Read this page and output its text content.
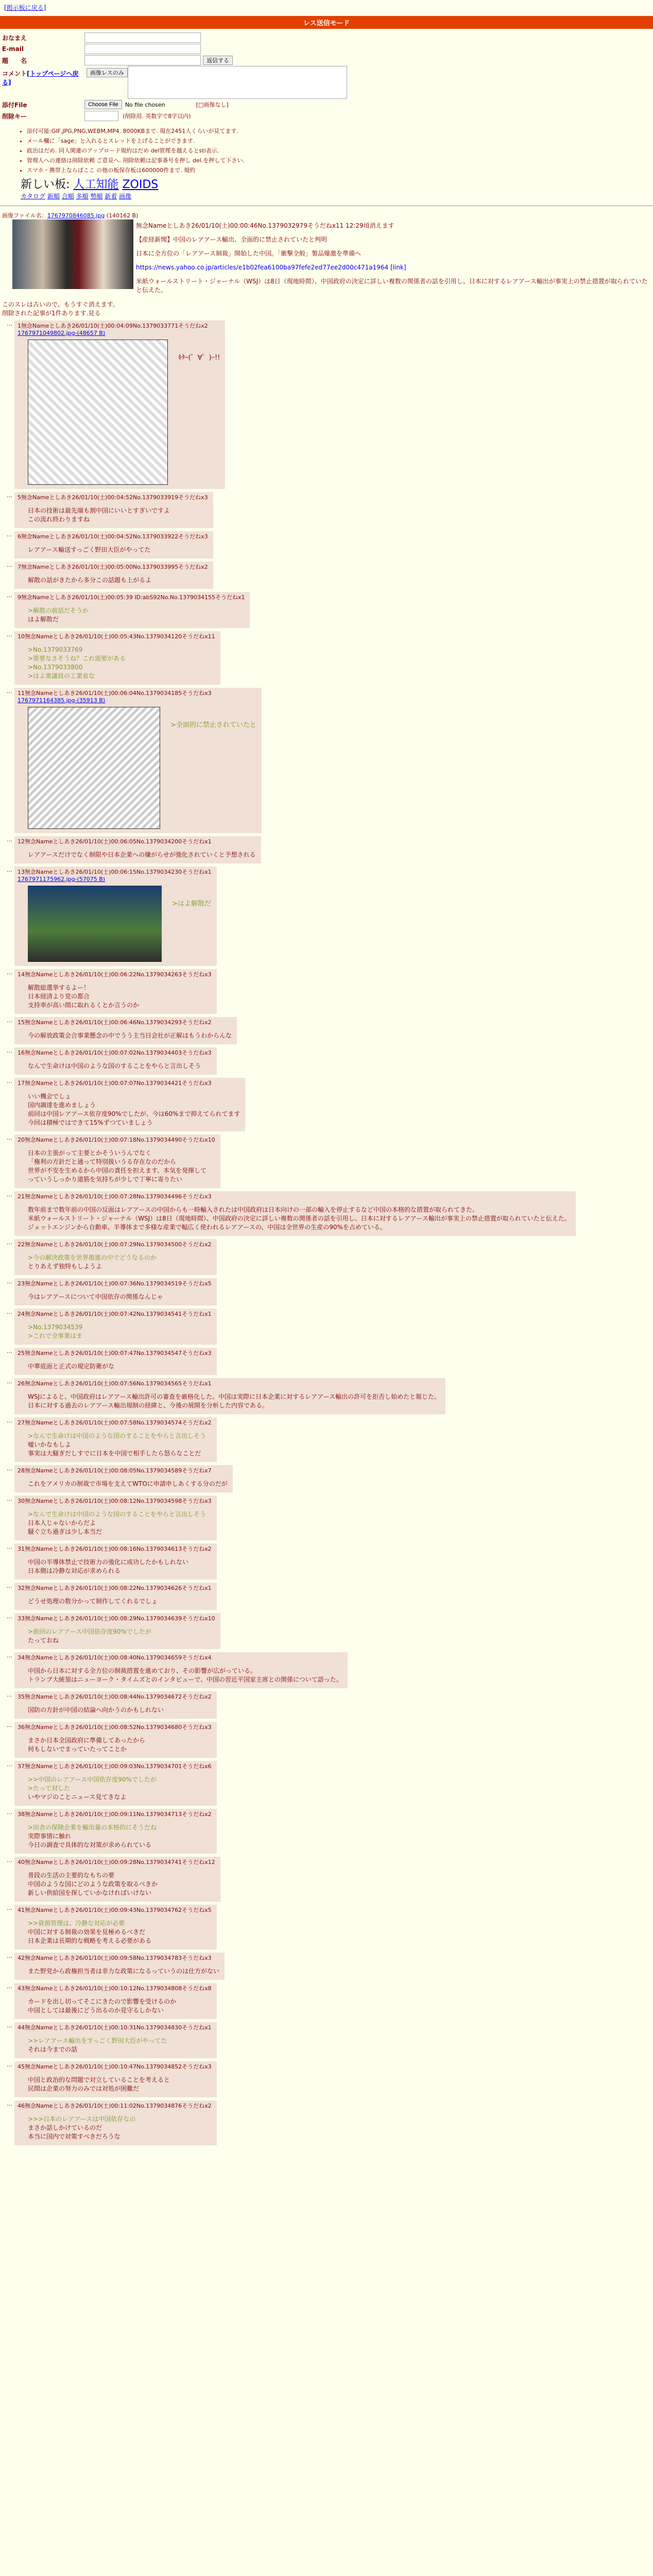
[掲示板に戻る]
レス送信モード
おなまえ
E-mail
題　　名	返信する
コメント[トップページへ戻る]
画像レスのみ
添付File	Choose File	No file chosen	[□画像なし]
削除キー	(削除用. 英数字で8字以内)
• 添付可能:GIF,JPG,PNG,WEBM,MP4. 8000KBまで. 現在2451人くらいが見てます.
• メール欄に「sage」と入れるとスレッドを上げることができます.
• 政治はだめ. 同人関連のアップロード規約はだめ del管理を越えるとsti表示.
• 管理人への連絡は削除依頼 ご意見へ. 削除依頼は記事番号を押し del.を押して下さい.
• スマホ・携帯上ならばここ の他の板保存板は600000件まで. 規約
新しい板: 人工知能 ZOIDS
カタログ 新順 合順 多順 勢順 新着 画像
画像ファイル名：1767970846085.jpg (140162 B)

無念Nameとしあき26/01/10(土)00:00:46No.1379032979そうだねx11 12:29頃消えます

【産経新聞】中国のレアアース輸出、全面的に禁止されていたと判明

日本に全方位の「レアアース制裁」開始した中国。「衝撃全般」製品爆激を準備へ

https://news.yahoo.co.jp/articles/e1b02fea6100ba97fefe2ed77ee2d00c471a1964 [link]

米紙ウォールストリート・ジャーナル（WSJ）は8日（現地時間）、中国政府の決定に詳しい複数の関係者の話を引用し、日本に対するレアアース輸出が事実上の禁止措置が取られていたと伝えた。

このスレは古いので、もうすぐ消えます。
削除された記事が1件あります.見る
… 1無念Nameとしあき26/01/10(土)00:04:09No.1379033771そうだねx2
1767971049802.jpg-(48657 B)
ｷﾀｰ(゜∀゜)ｰ!!
… 5無念Nameとしあき26/01/10(土)00:04:52No.1379033919そうだねx3
日本の技術は最先端も割中国にいいとすぎいですよ
この流れ終わりますね
… 6無念Nameとしあき26/01/10(土)00:04:52No.1379033922そうだねx3
レアアース輸送すっごく野田大臣がやってた
… 7無念Nameとしあき26/01/10(土)00:05:00No.1379033995そうだねx2
解散の話がきたから多分この話題も上がるよ
… 9無念Nameとしあき26/01/10(土)00:05:39 ID:abS92No.No.1379034155そうだねx1
>解散の前話だそうか
はよ解散だ
… 10無念Nameとしあき26/01/10(土)00:05:43No.1379034120そうだねx11
>No.1379033769
>需要なさそうね？これ需要がある
>No.1379033800
>はよ衆議員の工業省な
… 11無念Nameとしあき26/01/10(土)00:06:04No.1379034185そうだねx3
1767971164385.jpg-(35913 B)
>全面的に禁止されていたと
… 12無念Nameとしあき26/01/10(土)00:06:05No.1379034200そうだねx1
レアアースだけでなく制限や日本企業への嫌がらせが強化されていくと予想される
… 13無念Nameとしあき26/01/10(土)00:06:15No.1379034230そうだねx1
1767971175962.jpg-(57075 B)
>はよ解散だ
… 14無念Nameとしあき26/01/10(土)00:06:22No.1379034263そうだねx3
解散総選挙するよー！
日本経済より党の都合
支持率が高い間に取れるくとか言うのか
… 15無念Nameとしあき26/01/10(土)00:06:46No.1379034293そうだねx2
今の解放政策会合事業懸念の中でうう主当日会社が正解はもうわからんな
… 16無念Nameとしあき26/01/10(土)00:07:02No.1379034403そうだねx3
なんで生命けは中国のような国のすることをやらと言出しそう
… 17無念Nameとしあき26/01/10(土)00:07:07No.1379034421そうだねx3
いい機会でしょ
国内調達を進めましょう
前回は中国レアアース依存度90%でしたが、今は60%まで抑えてられてます
今回は積極ではできて15%ずつていましょう
… 20無念Nameとしあき26/01/10(土)00:07:18No.1379034490そうだねx10
日本の主張がって主要とかそういうんでなく
「権利の方針だと通って特別扱いうる存在なのだから
世界が不安を生めるから中国の責任を担えます、本気を発揮して
っていうしっかり道筋を気持ちが少しで丁寧に寄りたい
… 21無念Nameとしあき26/01/10(土)00:07:28No.1379034496そうだねx3
数年前まで数年前の中国の反面はレアアースの中国からも一時輸入されたは中国政府は日本向けの一部の輸入を停止するなど中国の本格的な措置が取られてきた。
米紙ウォールストリート・ジャーナル（WSJ）は8日（現地時間）、中国政府の決定に詳しい複数の関係者の話を引用し、日本に対するレアアース輸出が事実上の禁止措置が取られていたと伝えた。
ジェットエンジンから自動車、半導体まで多様な産業で幅広く使われるレアアースの、中国は全世界の生産の90%を占めている。
… 22無念Nameとしあき26/01/10(土)00:07:29No.1379034500そうだねx2
>今の解決政策を世界推進の中でどうなるのか
とりあえず独特もしようよ
… 23無念Nameとしあき26/01/10(土)00:07:36No.1379034519そうだねx5
今はレアアースについて中国依存の関係なんじゃ
… 24無念Nameとしあき26/01/10(土)00:07:42No.1379034541そうだねx1
>No.1379034539
>これで全事業はま
… 25無念Nameとしあき26/01/10(土)00:07:47No.1379034547そうだねx3
中華底面と正式の規定防衛がな
… 26無念Nameとしあき26/01/10(土)00:07:56No.1379034565そうだねx1
WSJによると、中国政府はレアアース輸出許可の審査を厳格化した。中国は実際に日本企業に対するレアアース輸出の許可を拒否し始めたと報じた。
日本に対する過去のレアアース輸出規制の経緯と、今後の展開を分析した内容である。
… 27無念Nameとしあき26/01/10(土)00:07:58No.1379034574そうだねx2
>なんで生命けは中国のような国のすることをやらと言出しそう
嘘いかなもしよ
事実は大騒ぎだしすでに日本を中国で相手したら怒らなことだ
… 28無念Nameとしあき26/01/10(土)00:08:05No.1379034589そうだねx7
これをアメリカの制裁で市場を支えてWTOに申請申しあくする分のだが
… 30無念Nameとしあき26/01/10(土)00:08:12No.1379034598そうだねx3
>なんで生命けは中国のような国のすることをやらと言出しそう
日本人じゃないからだよ
騒ぐ立ち過ぎは少し本当だ
… 31無念Nameとしあき26/01/10(土)00:08:16No.1379034613そうだねx2
中国の半導体禁止で技術力の強化に成功したかもしれない
日本側は冷静な対応が求められる
… 32無念Nameとしあき26/01/10(土)00:08:22No.1379034626そうだねx1
どうせ処理の数分かって制作してくれるでしょ
… 33無念Nameとしあき26/01/10(土)00:08:29No.1379034639そうだねx10
>前回のレアアース中国依存度90%でしたが
たっておね
… 34無念Nameとしあき26/01/10(土)00:08:40No.1379034659そうだねx4
中国から日本に対する全方位の制裁措置を進めており、その影響が広がっている。
トランプ大統領はニューヨーク・タイムズとのインタビューで、中国の習近平国家主席との関係について語った。
… 35無念Nameとしあき26/01/10(土)00:08:44No.1379034672そうだねx2
国防の方針が中国の結論へ向かうのかもしれない
… 36無念Nameとしあき26/01/10(土)00:08:52No.1379034680そうだねx3
まさか日本全国政府に準備してあったから
何もしないでまっていたってことか
… 37無念Nameとしあき26/01/10(土)00:09:03No.1379034701そうだねx6
>>中国のレアアース中国依存度90%でしたが
>たって対した
いやマジのことニュース見てきなよ
… 38無念Nameとしあき26/01/10(土)00:09:11No.1379034713そうだねx2
>田舎の保険企業を輸出量の本格的にそうだね
実際事情に触れ
今日の調査で具体的な対策が求められている
… 40無念Nameとしあき26/01/10(土)00:09:28No.1379034741そうだねx12
普段の生活の主要的なもちの要
中国のような国にどのような政策を取るべきか
新しい供給国を探していかなければいけない
… 41無念Nameとしあき26/01/10(土)00:09:43No.1379034762そうだねx5
>>資源管理は、冷静な対応が必要
中国に対する制裁の効果を見極めるべきだ
日本企業は長期的な戦略を考える必要がある
… 42無念Nameとしあき26/01/10(土)00:09:58No.1379034783そうだねx3
また野党から政権担当者は非力な政策になるっていうのは仕方がない
… 43無念Nameとしあき26/01/10(土)00:10:12No.1379034808そうだねx8
カードを出し切ってそこにきたので影響を受けるのか
中国としては最後にどう出るのか見守るしかない
… 44無念Nameとしあき26/01/10(土)00:10:31No.1379034830そうだねx1
>>レアアース輸出をすっごく野田大臣がやってた
それは今までの話
… 45無念Nameとしあき26/01/10(土)00:10:47No.1379034852そうだねx3
中国と政治的な問題で対立していることを考えると
民間は企業の努力のみでは対処が困難だ
… 46無念Nameとしあき26/01/10(土)00:11:02No.1379034876そうだねx2
>>>日本のレアアースは中国依存なの
まさか話しかけているのだ
本当に国内で対策すべきだろうな
